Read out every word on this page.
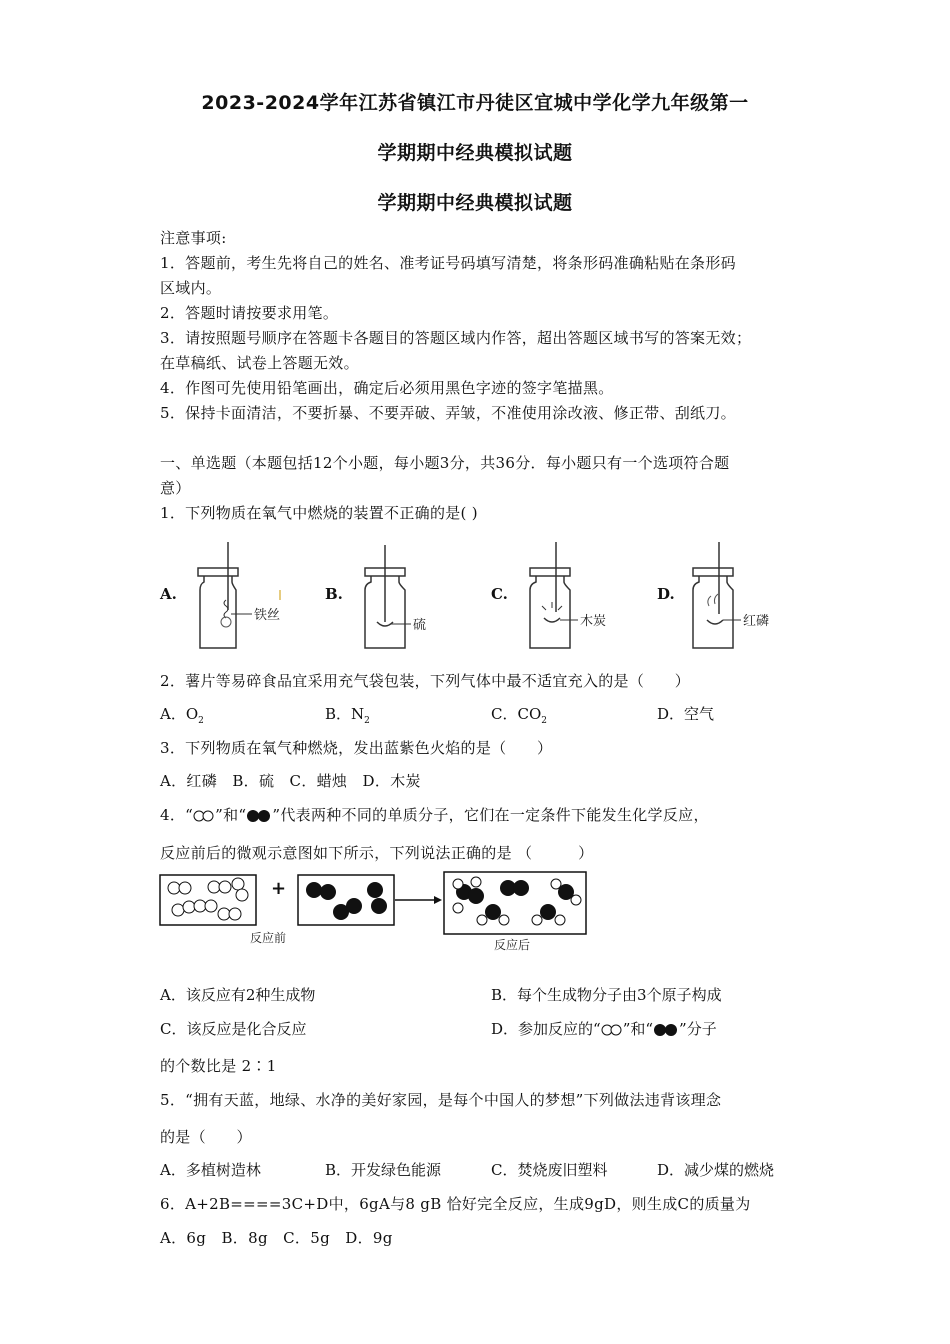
2023-2024学年江苏省镇江市丹徒区宜城中学化学九年级第一
学期期中经典模拟试题
学期期中经典模拟试题
注意事项:
1．答题前，考生先将自己的姓名、准考证号码填写清楚，将条形码准确粘贴在条形码
区域内。
2．答题时请按要求用笔。
3．请按照题号顺序在答题卡各题目的答题区域内作答，超出答题区域书写的答案无效；
在草稿纸、试卷上答题无效。
4．作图可先使用铅笔画出，确定后必须用黑色字迹的签字笔描黑。
5．保持卡面清洁，不要折暴、不要弄破、弄皱，不准使用涂改液、修正带、刮纸刀。
一、单选题（本题包括12个小题，每小题3分，共36分．每小题只有一个选项符合题
意）
1．下列物质在氧气中燃烧的装置不正确的是( )
A.
铁丝
B.
硫
C.
木炭
D.
红磷
2．薯片等易碎食品宜采用充气袋包装，下列气体中最不适宜充入的是（　　）
A．$O_2$	B．$N_2$	C．$CO_2$	D．空气
3．下列物质在氧气种燃烧，发出蓝紫色火焰的是（　　）
A．红磷　B．硫　C．蜡烛　D．木炭
4．“ ”和“ ”代表两种不同的单质分子，它们在一定条件下能发生化学反应，
反应前后的微观示意图如下所示，下列说法正确的是 （　　　）
+
反应前	反应后
A．该反应有2种生成物	B．每个生成物分子由3个原子构成
C．该反应是化合反应	D．参加反应的“ ”和“ ”分子
的个数比是 2∶1
5．“拥有天蓝，地绿、水净的美好家园，是每个中国人的梦想”下列做法违背该理念
的是（　　）
A．多植树造林	B．开发绿色能源	C．焚烧废旧塑料	D．减少煤的燃烧
6．A+2B====3C+D中，6gA与8 gB 恰好完全反应，生成9gD，则生成C的质量为
A．6g　B．8g　C．5g　D．9g
